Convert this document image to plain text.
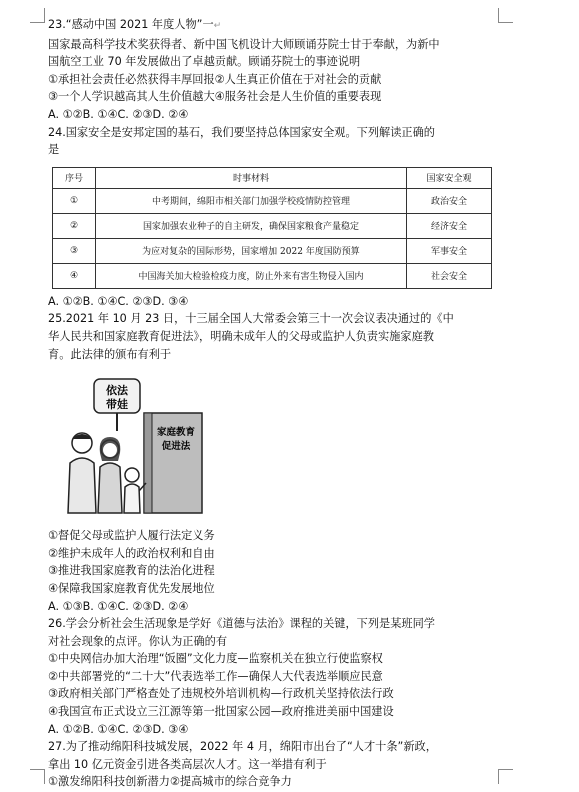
23.“感动中国 2021 年度人物”一↵
国家最高科学技术奖获得者、新中国飞机设计大师顾诵芬院士甘于奉献，为新中
国航空工业 70 年发展做出了卓越贡献。顾诵芬院士的事迹说明
①承担社会责任必然获得丰厚回报②人生真正价值在于对社会的贡献
③一个人学识越高其人生价值越大④服务社会是人生价值的重要表现
A. ①②B. ①④C. ②③D. ②④
24.国家安全是安邦定国的基石，我们要坚持总体国家安全观。下列解读正确的
是
序号	时事材料	国家安全观
①	中考期间，绵阳市相关部门加强学校疫情防控管理	政治安全
②	国家加强农业种子的自主研发，确保国家粮食产量稳定	经济安全
③	为应对复杂的国际形势，国家增加 2022 年度国防预算	军事安全
④	中国海关加大检验检疫力度，防止外来有害生物侵入国内	社会安全
A. ①②B. ①④C. ②③D. ③④
25.2021 年 10 月 23 日，十三届全国人大常委会第三十一次会议表决通过的《中
华人民共和国家庭教育促进法》，明确未成年人的父母或监护人负责实施家庭教
育。此法律的颁布有利于
依法
带娃
家庭教育
促进法
①督促父母或监护人履行法定义务
②维护未成年人的政治权利和自由
③推进我国家庭教育的法治化进程
④保障我国家庭教育优先发展地位
A. ①③B. ①④C. ②③D. ②④
26.学会分析社会生活现象是学好《道德与法治》课程的关键，下列是某班同学
对社会现象的点评。你认为正确的有
①中央网信办加大治理“饭圈”文化力度—监察机关在独立行使监察权
②中共部署党的“二十大”代表选举工作—确保人大代表选举顺应民意
③政府相关部门严格查处了违规校外培训机构—行政机关坚持依法行政
④我国宣布正式设立三江源等第一批国家公园—政府推进美丽中国建设
A. ①②B. ①④C. ②③D. ③④
27.为了推动绵阳科技城发展，2022 年 4 月，绵阳市出台了“人才十条”新政，
拿出 10 亿元资金引进各类高层次人才。这一举措有利于
①激发绵阳科技创新潜力②提高城市的综合竞争力
